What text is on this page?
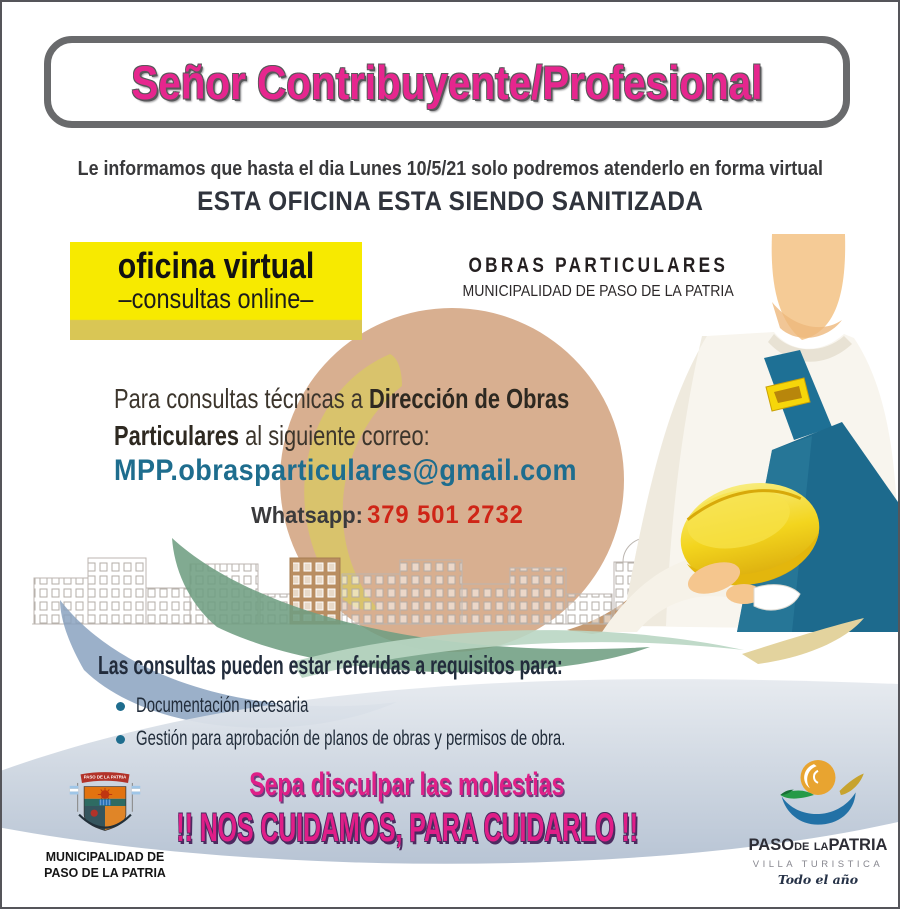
Señor Contribuyente/Profesional
Le informamos que hasta el dia Lunes 10/5/21 solo podremos atenderlo en forma virtual
ESTA OFICINA ESTA SIENDO SANITIZADA
oficina virtual
–consultas online–
OBRAS PARTICULARES
MUNICIPALIDAD DE PASO DE LA PATRIA
Para consultas técnicas a Dirección de Obras
Particulares al siguiente correo:
MPP.obrasparticulares@gmail.com
Whatsapp: 379 501 2732
Las consultas pueden estar referidas a requisitos para:
Documentación necesaria
Gestión para aprobación de planos de obras y permisos de obra.
Sepa disculpar las molestias
!! NOS CUIDAMOS, PARA CUIDARLO !!
PASO DE LA PATRIA
MUNICIPALIDAD DE
PASO DE LA PATRIA
PASODE LAPATRIA
VILLA TURISTICA
Todo el año
